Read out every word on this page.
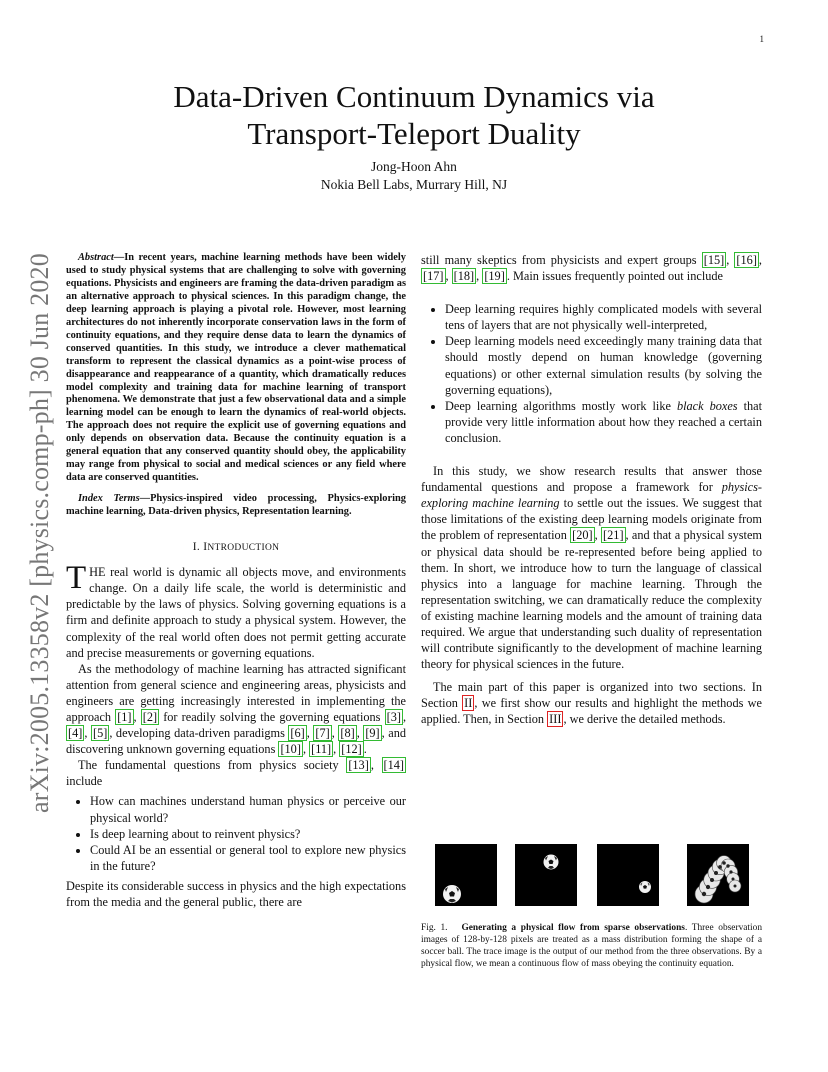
1
arXiv:2005.13358v2 [physics.comp-ph] 30 Jun 2020
Data-Driven Continuum Dynamics via
Transport-Teleport Duality
Jong-Hoon Ahn
Nokia Bell Labs, Murrary Hill, NJ

Abstract—In recent years, machine learning methods have been widely used to study physical systems that are challenging to solve with governing equations. Physicists and engineers are framing the data-driven paradigm as an alternative approach to physical sciences. In this paradigm change, the deep learning approach is playing a pivotal role. However, most learning architectures do not inherently incorporate conservation laws in the form of continuity equations, and they require dense data to learn the dynamics of conserved quantities. In this study, we introduce a clever mathematical transform to represent the classical dynamics as a point-wise process of disappearance and reappearance of a quantity, which dramatically reduces model complexity and training data for machine learning of transport phenomena. We demonstrate that just a few observational data and a simple learning model can be enough to learn the dynamics of real-world objects. The approach does not require the explicit use of governing equations and only depends on observation data. Because the continuity equation is a general equation that any conserved quantity should obey, the applicability may range from physical to social and medical sciences or any field where data are conserved quantities.

Index Terms—Physics-inspired video processing, Physics-exploring machine learning, Data-driven physics, Representation learning.

I. INTRODUCTION

THE real world is dynamic all objects move, and environments change. On a daily life scale, the world is deterministic and predictable by the laws of physics. Solving governing equations is a firm and definite approach to study a physical system. However, the complexity of the real world often does not permit getting accurate and precise measurements or governing equations.

As the methodology of machine learning has attracted significant attention from general science and engineering areas, physicists and engineers are getting increasingly interested in implementing the approach [1] , [2] for readily solving the governing equations [3] , [4] , [5] , developing data-driven paradigms [6] , [7] , [8] , [9] , and discovering unknown governing equations [10] , [11] , [12] .

The fundamental questions from physics society [13] , [14] include

• How can machines understand human physics or perceive our physical world?
• Is deep learning about to reinvent physics?
• Could AI be an essential or general tool to explore new physics in the future?

Despite its considerable success in physics and the high expectations from the media and the general public, there are

still many skeptics from physicists and expert groups [15] , [16] , [17] , [18] , [19] . Main issues frequently pointed out include

• Deep learning requires highly complicated models with several tens of layers that are not physically well-interpreted,
• Deep learning models need exceedingly many training data that should mostly depend on human knowledge (governing equations) or other external simulation results (by solving the governing equations),
• Deep learning algorithms mostly work like black boxes that provide very little information about how they reached a certain conclusion.

In this study, we show research results that answer those fundamental questions and propose a framework for physics-exploring machine learning to settle out the issues. We suggest that those limitations of the existing deep learning models originate from the problem of representation [20] , [21] , and that a physical system or physical data should be re-represented before being applied to them. In short, we introduce how to turn the language of classical physics into a language for machine learning. Through the representation switching, we can dramatically reduce the complexity of existing machine learning models and the amount of training data required. We argue that understanding such duality of representation will contribute significantly to the development of machine learning theory for physical sciences in the future.

The main part of this paper is organized into two sections. In Section II , we first show our results and highlight the methods we applied. Then, in Section III , we derive the detailed methods.

Fig. 1. Generating a physical flow from sparse observations. Three observation images of 128-by-128 pixels are treated as a mass distribution forming the shape of a soccer ball. The trace image is the output of our method from the three observations. By a physical flow, we mean a continuous flow of mass obeying the continuity equation.
